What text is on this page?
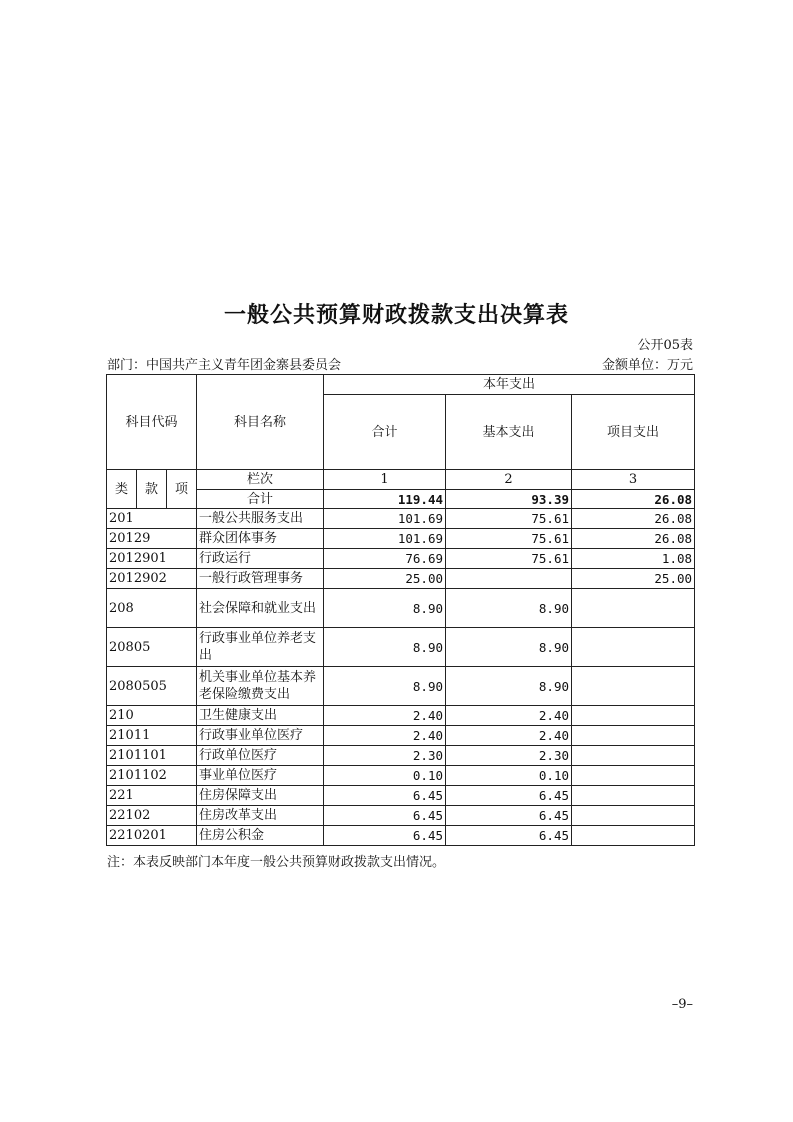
一般公共预算财政拨款支出决算表
公开05表
部门：中国共产主义青年团金寨县委员会	金额单位：万元
科目代码			科目名称	本年支出		
				合计	基本支出	项目支出
类	款	项	栏次	1	2	3
			合计	119.44	93.39	26.08
201			一般公共服务支出	101.69	75.61	26.08
20129			群众团体事务	101.69	75.61	26.08
2012901			行政运行	76.69	75.61	1.08
2012902			一般行政管理事务	25.00		25.00
208			社会保障和就业支出	8.90	8.90	
20805			行政事业单位养老支出	8.90	8.90	
2080505			机关事业单位基本养老保险缴费支出	8.90	8.90	
210			卫生健康支出	2.40	2.40	
21011			行政事业单位医疗	2.40	2.40	
2101101			行政单位医疗	2.30	2.30	
2101102			事业单位医疗	0.10	0.10	
221			住房保障支出	6.45	6.45	
22102			住房改革支出	6.45	6.45	
2210201			住房公积金	6.45	6.45	
注：本表反映部门本年度一般公共预算财政拨款支出情况。
–9–
